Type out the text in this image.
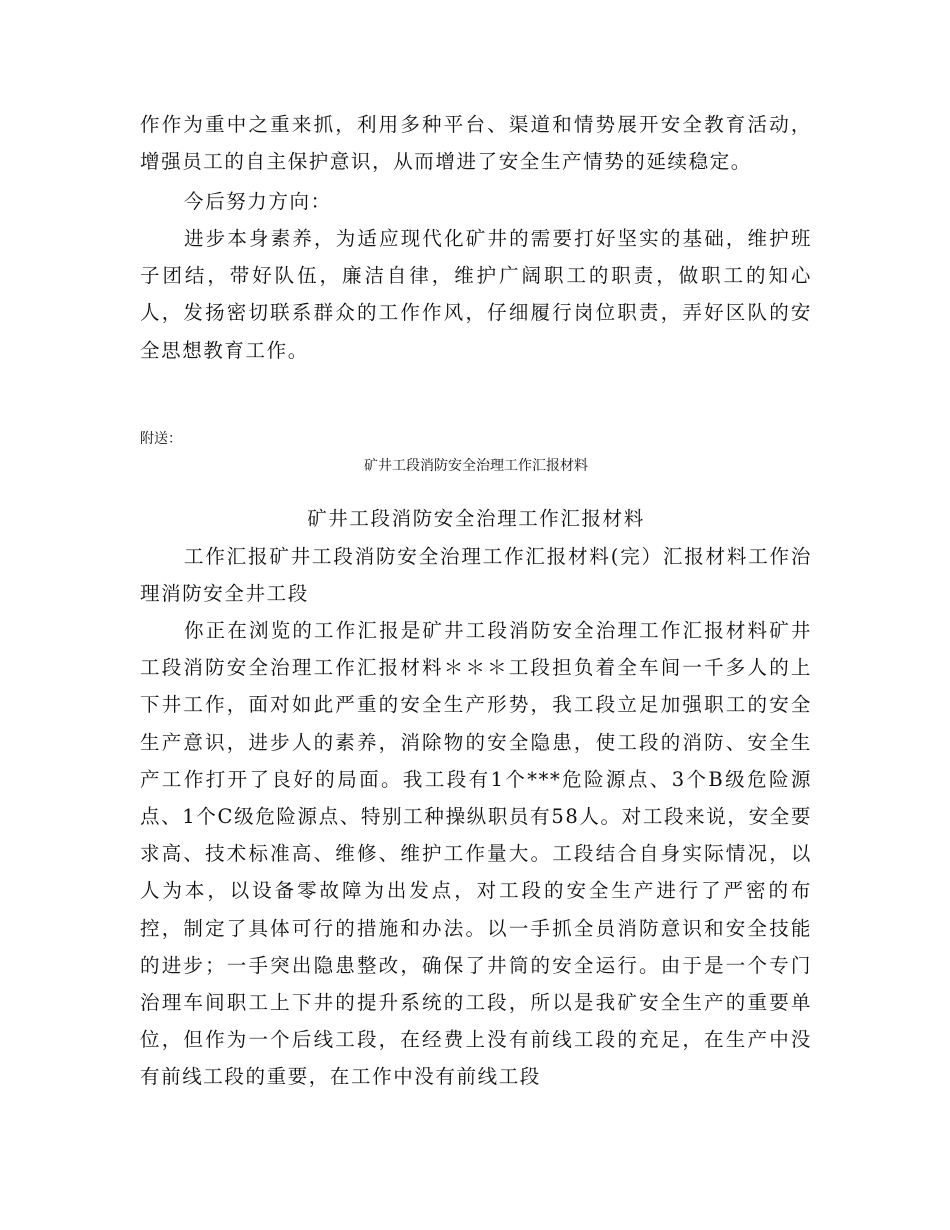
作作为重中之重来抓，利用多种平台、渠道和情势展开安全教育活动，增强员工的自主保护意识，从而增进了安全生产情势的延续稳定。

今后努力方向：

进步本身素养，为适应现代化矿井的需要打好坚实的基础，维护班子团结，带好队伍，廉洁自律，维护广阔职工的职责，做职工的知心人，发扬密切联系群众的工作作风，仔细履行岗位职责，弄好区队的安全思想教育工作。

附送：

矿井工段消防安全治理工作汇报材料

矿井工段消防安全治理工作汇报材料

工作汇报矿井工段消防安全治理工作汇报材料(完）汇报材料工作治理消防安全井工段

你正在浏览的工作汇报是矿井工段消防安全治理工作汇报材料矿井工段消防安全治理工作汇报材料＊＊＊工段担负着全车间一千多人的上下井工作，面对如此严重的安全生产形势，我工段立足加强职工的安全生产意识，进步人的素养，消除物的安全隐患，使工段的消防、安全生产工作打开了良好的局面。我工段有1个***危险源点、3个B级危险源点、1个C级危险源点、特别工种操纵职员有58人。对工段来说，安全要求高、技术标准高、维修、维护工作量大。工段结合自身实际情况，以人为本，以设备零故障为出发点，对工段的安全生产进行了严密的布控，制定了具体可行的措施和办法。以一手抓全员消防意识和安全技能的进步；一手突出隐患整改，确保了井筒的安全运行。由于是一个专门治理车间职工上下井的提升系统的工段，所以是我矿安全生产的重要单位，但作为一个后线工段，在经费上没有前线工段的充足，在生产中没有前线工段的重要，在工作中没有前线工段
